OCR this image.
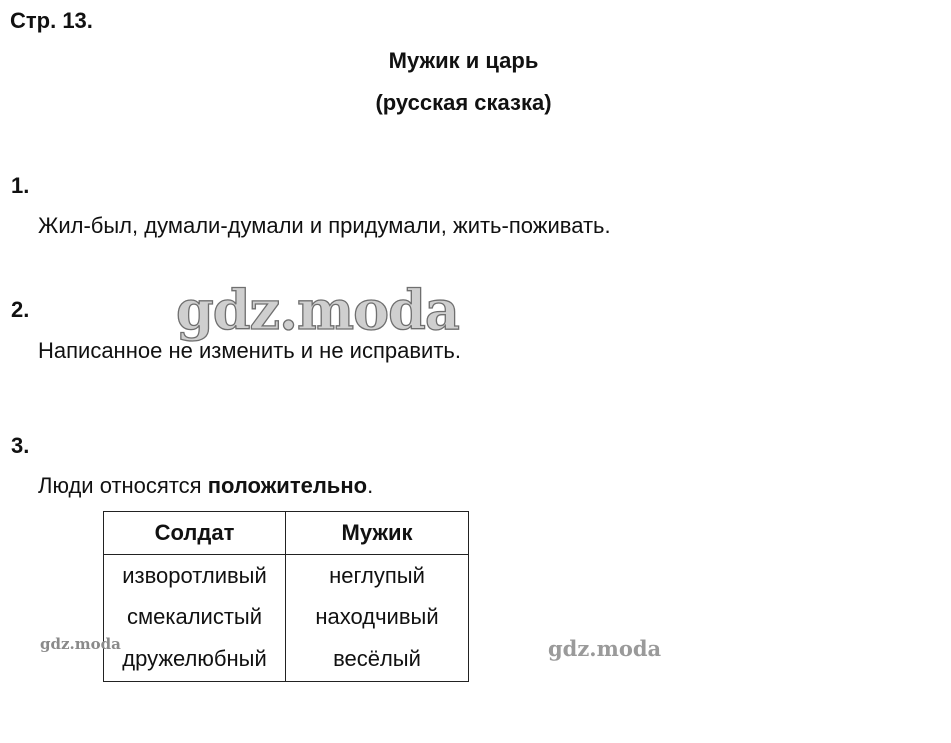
Стр. 13.
Мужик и царь
(русская сказка)
1.
Жил-был, думали-думали и придумали, жить-поживать.
gdz.moda
2.
Написанное не изменить и не исправить.
3.
Люди относятся положительно.
Солдат	Мужик
изворотливый	неглупый
смекалистый	находчивый
дружелюбный	весёлый
gdz.moda	gdz.moda
